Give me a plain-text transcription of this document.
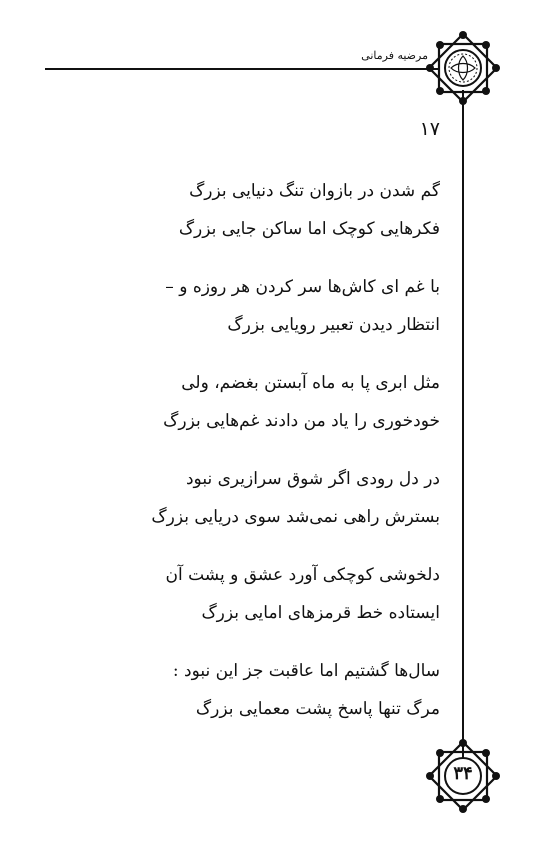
مرضیه فرمانی
۳۴
۱۷
گم شدن در بازوان تنگ دنیایی بزرگ
فکرهایی کوچک اما ساکن جایی بزرگ
با غم ای کاش‌ها سر کردن هر روزه و –
انتظار دیدن تعبیر رویایی بزرگ
مثل ابری پا به ماه آبستن بغضم، ولی
خودخوری را یاد من دادند غم‌هایی بزرگ
در دل رودی اگر شوق سرازیری نبود
بسترش راهی نمی‌شد سوی دریایی بزرگ
دلخوشی کوچکی آورد عشق و پشت آن
ایستاده خط قرمزهای امایی بزرگ
سال‌ها گشتیم اما عاقبت جز این نبود :
مرگ تنها پاسخ پشت معمایی بزرگ
